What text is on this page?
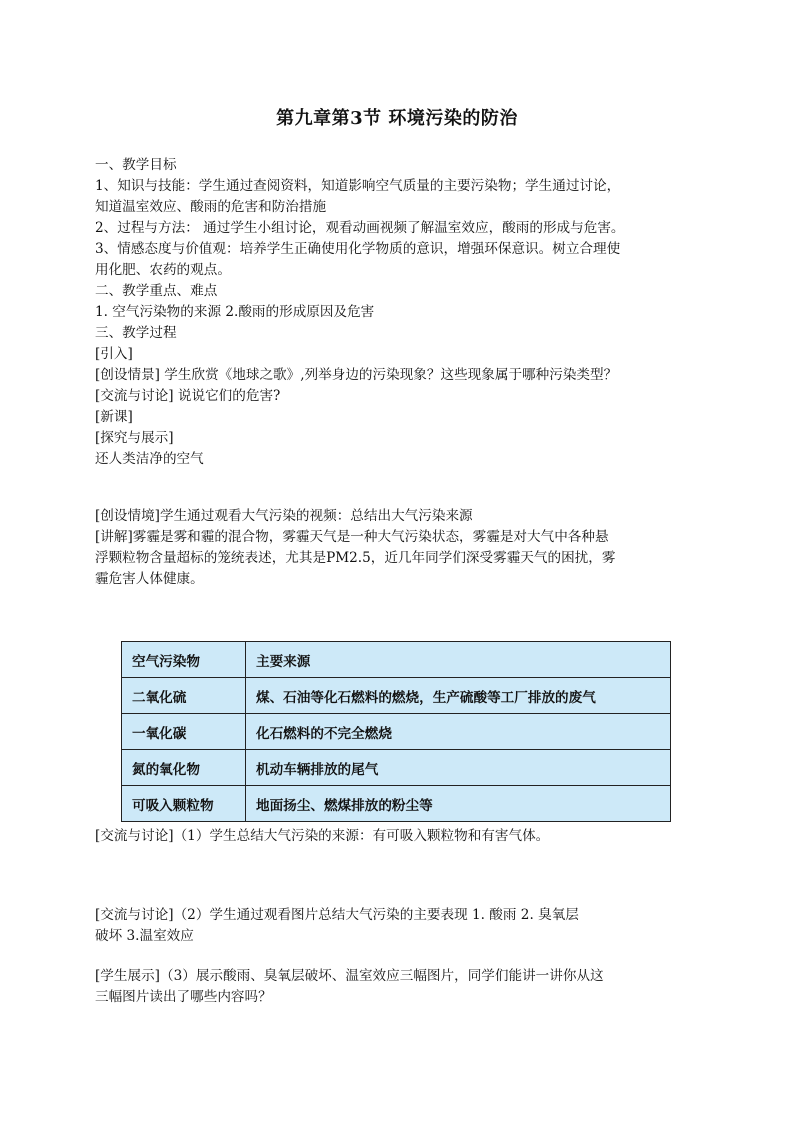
第九章第3节 环境污染的防治
一、教学目标
1、知识与技能：学生通过查阅资料，知道影响空气质量的主要污染物；学生通过讨论，
知道温室效应、酸雨的危害和防治措施
2、过程与方法： 通过学生小组讨论，观看动画视频了解温室效应，酸雨的形成与危害。
3、情感态度与价值观：培养学生正确使用化学物质的意识，增强环保意识。树立合理使
用化肥、农药的观点。
二、教学重点、难点
1. 空气污染物的来源 2.酸雨的形成原因及危害
三、教学过程
[引入]
[创设情景] 学生欣赏《地球之歌》,列举身边的污染现象？这些现象属于哪种污染类型？
[交流与讨论] 说说它们的危害?
[新课]
[探究与展示]
还人类洁净的空气
[创设情境]学生通过观看大气污染的视频：总结出大气污染来源
[讲解]雾霾是雾和霾的混合物，雾霾天气是一种大气污染状态，雾霾是对大气中各种悬
浮颗粒物含量超标的笼统表述，尤其是PM2.5，近几年同学们深受雾霾天气的困扰，雾
霾危害人体健康。
空气污染物	主要来源
二氧化硫	煤、石油等化石燃料的燃烧，生产硫酸等工厂排放的废气
一氧化碳	化石燃料的不完全燃烧
氮的氧化物	机动车辆排放的尾气
可吸入颗粒物	地面扬尘、燃煤排放的粉尘等
[交流与讨论]（1）学生总结大气污染的来源：有可吸入颗粒物和有害气体。
[交流与讨论]（2）学生通过观看图片总结大气污染的主要表现 1. 酸雨 2. 臭氧层
破坏 3.温室效应
[学生展示]（3）展示酸雨、臭氧层破坏、温室效应三幅图片，同学们能讲一讲你从这
三幅图片读出了哪些内容吗？
